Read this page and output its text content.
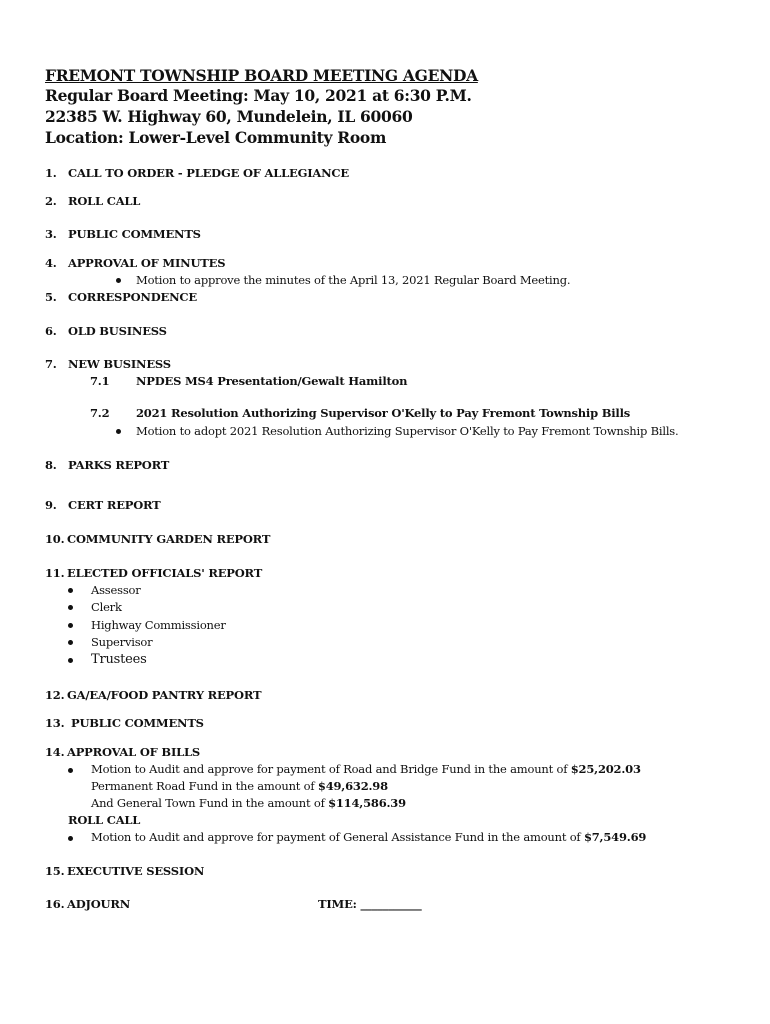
FREMONT TOWNSHIP BOARD MEETING AGENDA
Regular Board Meeting: May 10, 2021 at 6:30 P.M.
22385 W. Highway 60, Mundelein, IL 60060
Location: Lower-Level Community Room
1. CALL TO ORDER - PLEDGE OF ALLEGIANCE
2. ROLL CALL
3. PUBLIC COMMENTS
4. APPROVAL OF MINUTES
Motion to approve the minutes of the April 13, 2021 Regular Board Meeting.
5. CORRESPONDENCE
6. OLD BUSINESS
7. NEW BUSINESS
7.1 NPDES MS4 Presentation/Gewalt Hamilton
7.2 2021 Resolution Authorizing Supervisor O'Kelly to Pay Fremont Township Bills
Motion to adopt 2021 Resolution Authorizing Supervisor O'Kelly to Pay Fremont Township Bills.
8. PARKS REPORT
9. CERT REPORT
10. COMMUNITY GARDEN REPORT
11. ELECTED OFFICIALS' REPORT
Assessor
Clerk
Highway Commissioner
Supervisor
Trustees
12. GA/EA/FOOD PANTRY REPORT
13. PUBLIC COMMENTS
14. APPROVAL OF BILLS
Motion to Audit and approve for payment of Road and Bridge Fund in the amount of $25,202.03
Permanent Road Fund in the amount of $49,632.98
And General Town Fund in the amount of $114,586.39
ROLL CALL
Motion to Audit and approve for payment of General Assistance Fund in the amount of $7,549.69
15. EXECUTIVE SESSION
16. ADJOURN	TIME: ___________
